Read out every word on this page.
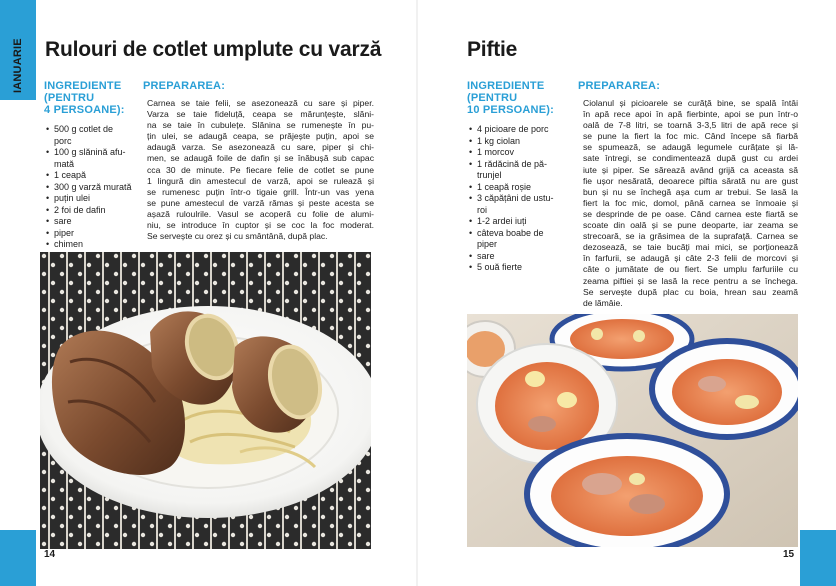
IANUARIE Rulouri de cotlet umplute cu varză
INGREDIENTE
(PENTRU
4 PERSOANE):
• 500 g cotlet de
porc
• 100 g slănină afu-
mată
• 1 ceapă
• 300 g varză murată
• puțin ulei
• 2 foi de dafin
• sare
• piper
• chimen
PREPARAREA:
Carnea se taie felii, se asezonează cu sare și piper.
Varza se taie fideluță, ceapa se mărunțește, slăni-
na se taie în cubulețe. Slănina se rumenește în pu-
țin ulei, se adaugă ceapa, se prăjește puțin, apoi se
adaugă varza. Se asezonează cu sare, piper și chi-
men, se adaugă foile de dafin și se înăbușă sub capac
cca 30 de minute. Pe fiecare felie de cotlet se pune
1 lingură din amestecul de varză, apoi se rulează și
se rumenesc puțin într-o tigaie grill. Într-un vas yena
se pune amestecul de varză rămas și peste acesta se
așază ruloulrile. Vasul se acoperă cu folie de alumi-
niu, se introduce în cuptor și se coc la foc moderat.
Se servește cu orez și cu smântână, după plac.
14
Piftie
INGREDIENTE
(PENTRU
10 PERSOANE):
• 4 picioare de porc
• 1 kg ciolan
• 1 morcov
• 1 rădăcină de pă-
trunjel
• 1 ceapă roșie
• 3 căpățâni de ustu-
roi
• 1-2 ardei iuți
• câteva boabe de
piper
• sare
• 5 ouă fierte
PREPARAREA:
Ciolanul și picioarele se curăță bine, se spală întâi
în apă rece apoi în apă fierbinte, apoi se pun într-o
oală de 7-8 litri, se toarnă 3-3,5 litri de apă rece și
se pune la fiert la foc mic. Când începe să fiarbă
se spumează, se adaugă legumele curățate și lă-
sate întregi, se condimentează după gust cu ardei
iute și piper. Se sărează având grijă ca aceasta să
fie ușor nesărată, deoarece piftia sărată nu are gust
bun și nu se închegă așa cum ar trebui. Se lasă la
fiert la foc mic, domol, până carnea se înmoaie și
se desprinde de pe oase. Când carnea este fiartă se
scoate din oală și se pune deoparte, iar zeama se
strecoară, se ia grăsimea de la suprafață. Carnea se
dezosează, se taie bucăți mai mici, se porționează
în farfurii, se adaugă și câte 2-3 felii de morcovi și
câte o jumătate de ou fiert. Se umplu farfuriile cu
zeama piftiei și se lasă la rece pentru a se închega.
Se servește după plac cu boia, hrean sau zeamă
de lămâie.
15
